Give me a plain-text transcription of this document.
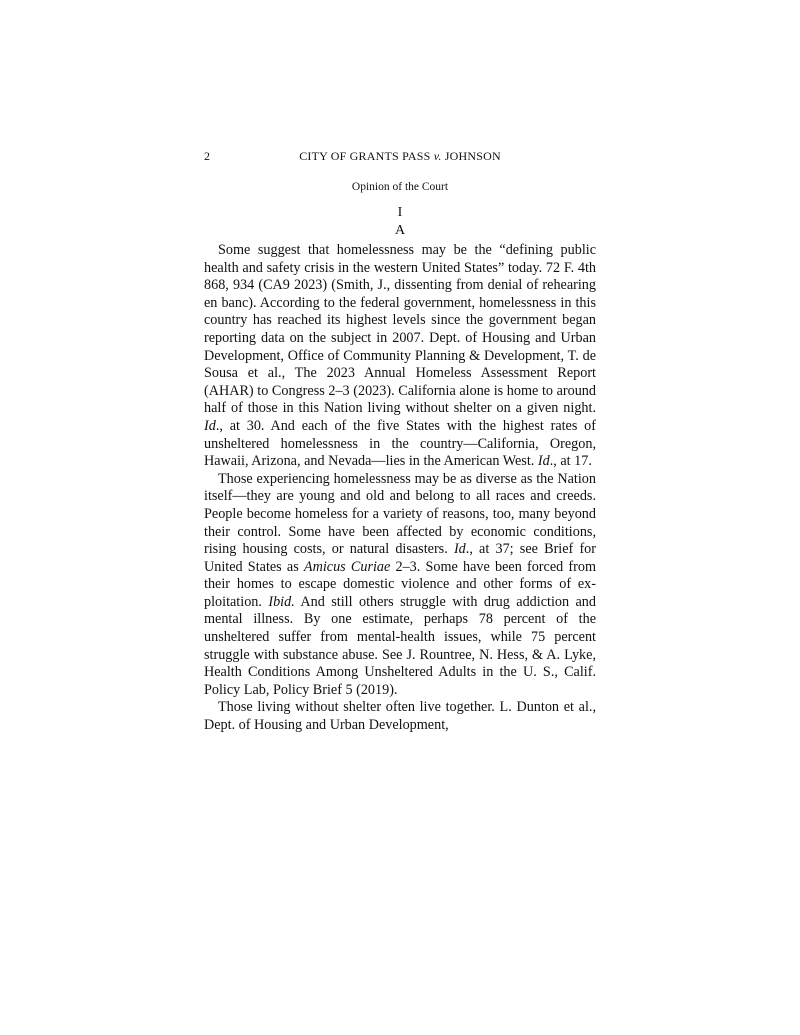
2	CITY OF GRANTS PASS v. JOHNSON
Opinion of the Court
I
A

Some suggest that homelessness may be the “defining public health and safety crisis in the western United States” today. 72 F. 4th 868, 934 (CA9 2023) (Smith, J., dissenting from denial of rehearing en banc). According to the federal government, homelessness in this country has reached its highest levels since the government began reporting data on the subject in 2007. Dept. of Housing and Urban Development, Office of Community Planning & Development, T. de Sousa et al., The 2023 Annual Homeless Assessment Report (AHAR) to Congress 2–3 (2023). California alone is home to around half of those in this Nation living without shelter on a given night. Id., at 30. And each of the five States with the highest rates of unsheltered homelessness in the country—California, Oregon, Hawaii, Arizona, and Nevada—lies in the American West. Id., at 17.

Those experiencing homelessness may be as diverse as the Nation itself—they are young and old and belong to all races and creeds. People become homeless for a variety of reasons, too, many beyond their control. Some have been affected by economic conditions, rising housing costs, or natural disasters. Id., at 37; see Brief for United States as Amicus Curiae 2–3. Some have been forced from their homes to escape domestic violence and other forms of exploitation. Ibid. And still others struggle with drug addiction and mental illness. By one estimate, perhaps 78 percent of the unsheltered suffer from mental-health issues, while 75 percent struggle with substance abuse. See J. Rountree, N. Hess, & A. Lyke, Health Conditions Among Unsheltered Adults in the U. S., Calif. Policy Lab, Policy Brief 5 (2019).

Those living without shelter often live together. L. Dunton et al., Dept. of Housing and Urban Development,
